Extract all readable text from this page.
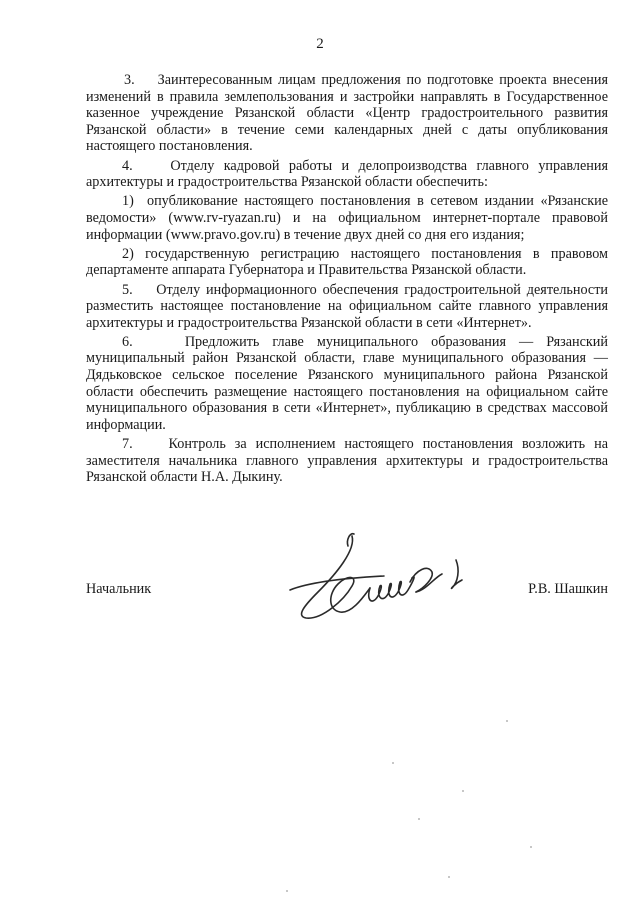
2

3.    Заинтересованным лицам предложения по подготовке проекта внесения изменений в правила землепользования и застройки направлять в Государственное казенное учреждение Рязанской области «Центр градостроительного развития Рязанской области» в течение семи календарных дней с даты опубликования настоящего постановления.

4.    Отделу кадровой работы и делопроизводства главного управления архитектуры и градостроительства Рязанской области обеспечить:

1)  опубликование настоящего постановления в сетевом издании «Рязанские ведомости» (www.rv-ryazan.ru) и на официальном интернет-портале правовой информации (www.pravo.gov.ru) в течение двух дней со дня его издания;

2) государственную регистрацию настоящего постановления в правовом департаменте аппарата Губернатора и Правительства Рязанской области.

5.    Отделу информационного обеспечения градостроительной деятельности разместить настоящее постановление на официальном сайте главного управления архитектуры и градостроительства Рязанской области в сети «Интернет».

6.    Предложить главе муниципального образования — Рязанский муниципальный район Рязанской области, главе муниципального образования — Дядьковское сельское поселение Рязанского муниципального района Рязанской области обеспечить размещение настоящего постановления на официальном сайте муниципального образования в сети «Интернет», публикацию в средствах массовой информации.

7.    Контроль за исполнением настоящего постановления возложить на заместителя начальника главного управления архитектуры и градостроительства Рязанской области Н.А. Дыкину.

Начальник	Р.В. Шашкин
